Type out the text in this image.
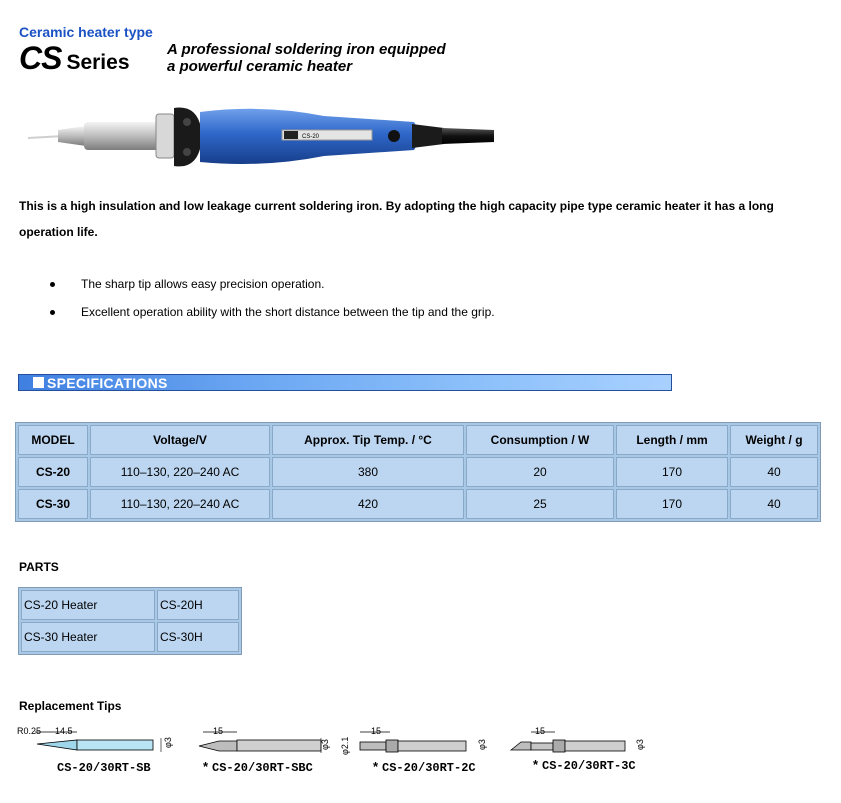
Ceramic heater type
CS Series
A professional soldering iron equipped
a powerful ceramic heater
CS-20
This is a high insulation and low leakage current soldering iron. By adopting the high capacity pipe type ceramic heater it has a long operation life.
The sharp tip allows easy precision operation.
Excellent operation ability with the short distance between the tip and the grip.
SPECIFICATIONS
MODEL	Voltage/V	Approx. Tip Temp. / °C	Consumption / W	Length / mm	Weight / g
CS-20	110–130, 220–240 AC	380	20	170	40
CS-30	110–130, 220–240 AC	420	25	170	40
PARTS
CS-20 Heater	CS-20H
CS-30 Heater	CS-30H
Replacement Tips
R0.25 14.5
φ3
CS-20/30RT-SB
15
φ3
* CS-20/30RT-SBC
φ2.1
15
φ3
* CS-20/30RT-2C
15
φ3
* CS-20/30RT-3C
